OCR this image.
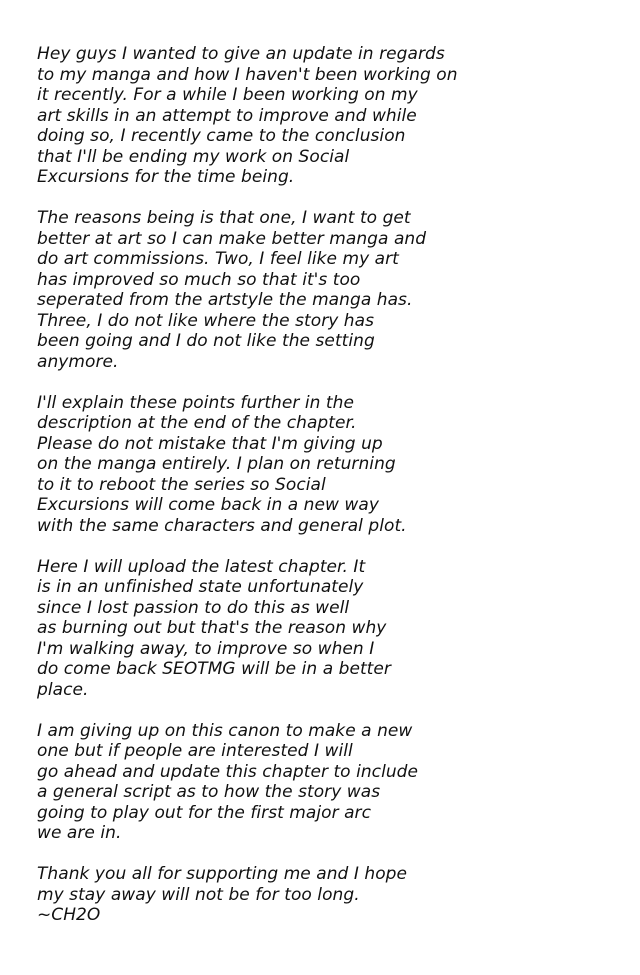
Hey guys I wanted to give an update in regards
to my manga and how I haven't been working on
it recently. For a while I been working on my
art skills in an attempt to improve and while
doing so, I recently came to the conclusion
that I'll be ending my work on Social
Excursions for the time being.

The reasons being is that one, I want to get
better at art so I can make better manga and
do art commissions. Two, I feel like my art
has improved so much so that it's too
seperated from the artstyle the manga has.
Three, I do not like where the story has
been going and I do not like the setting
anymore.

I'll explain these points further in the
description at the end of the chapter.
Please do not mistake that I'm giving up
on the manga entirely. I plan on returning
to it to reboot the series so Social
Excursions will come back in a new way
with the same characters and general plot.

Here I will upload the latest chapter. It
is in an unfinished state unfortunately
since I lost passion to do this as well
as burning out but that's the reason why
I'm walking away, to improve so when I
do come back SEOTMG will be in a better
place.

I am giving up on this canon to make a new
one but if people are interested I will
go ahead and update this chapter to include
a general script as to how the story was
going to play out for the first major arc
we are in.

Thank you all for supporting me and I hope
my stay away will not be for too long.
~CH2O
